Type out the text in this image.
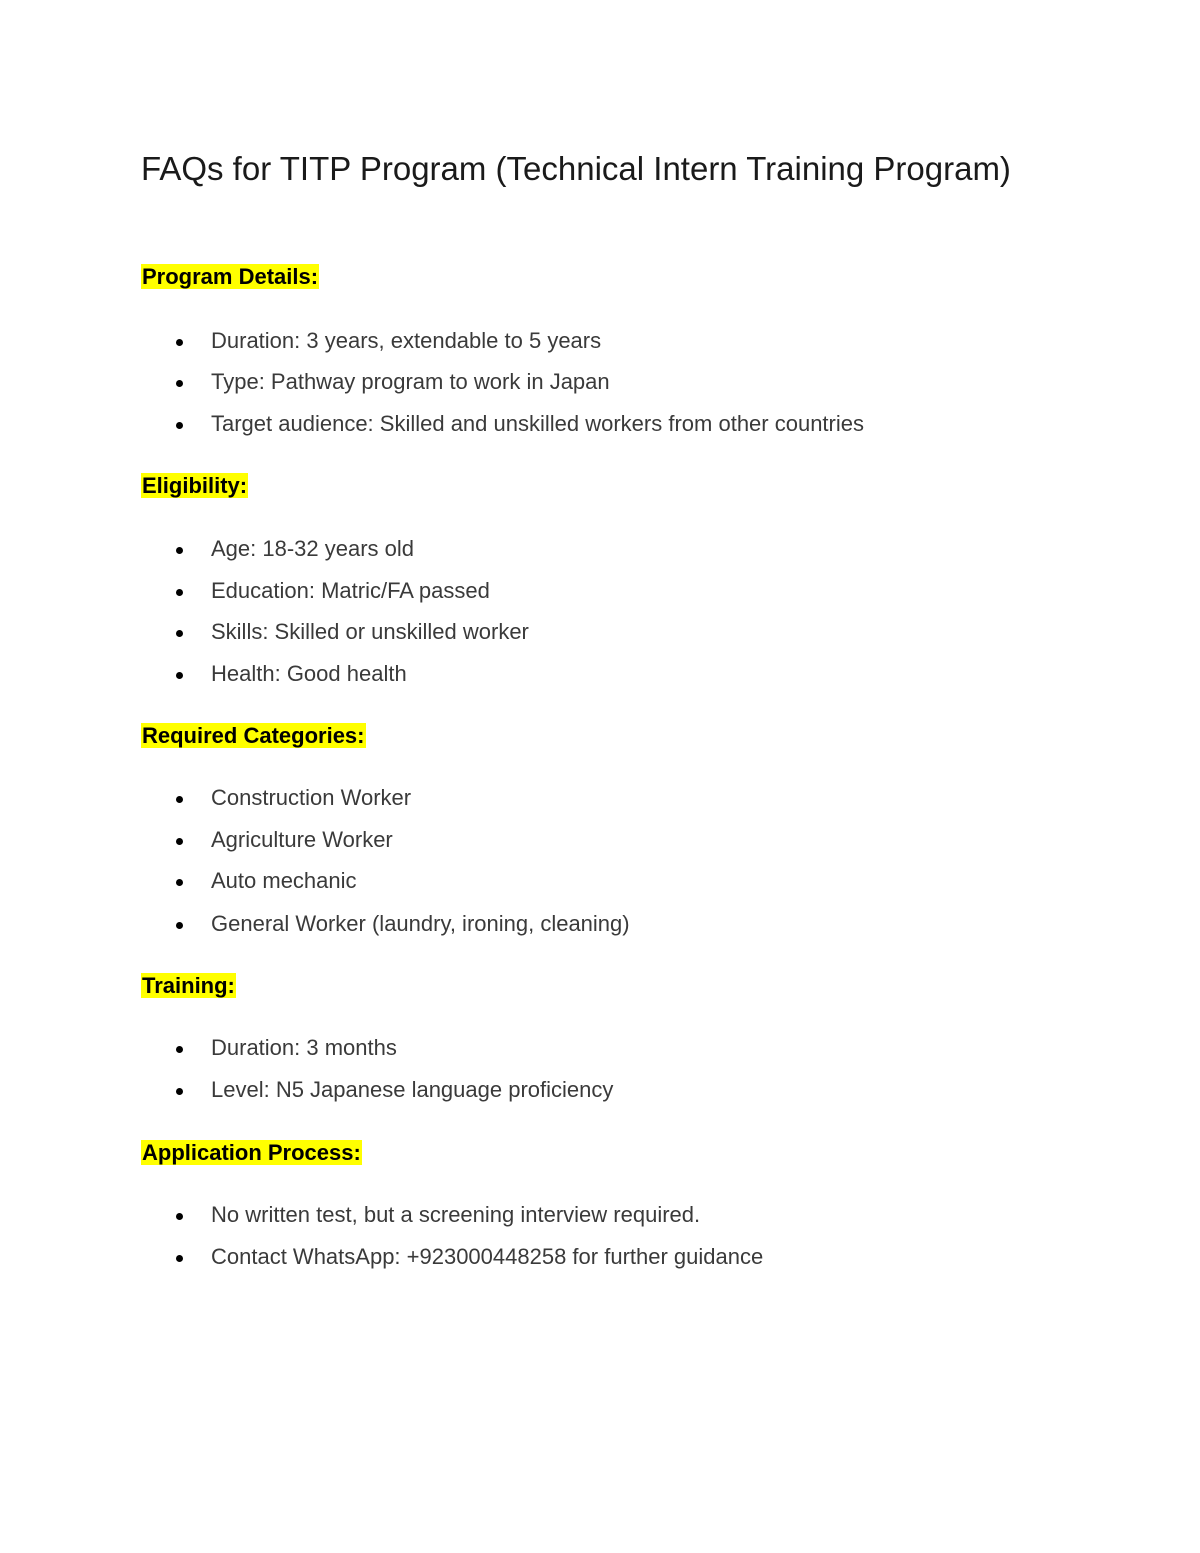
FAQs for TITP Program (Technical Intern Training Program)
Program Details:
Duration: 3 years, extendable to 5 years
Type: Pathway program to work in Japan
Target audience: Skilled and unskilled workers from other countries
Eligibility:
Age: 18-32 years old
Education: Matric/FA passed
Skills: Skilled or unskilled worker
Health: Good health
Required Categories:
Construction Worker
Agriculture Worker
Auto mechanic
General Worker (laundry, ironing, cleaning)
Training:
Duration: 3 months
Level: N5 Japanese language proficiency
Application Process:
No written test, but a screening interview required.
Contact WhatsApp: +923000448258 for further guidance
